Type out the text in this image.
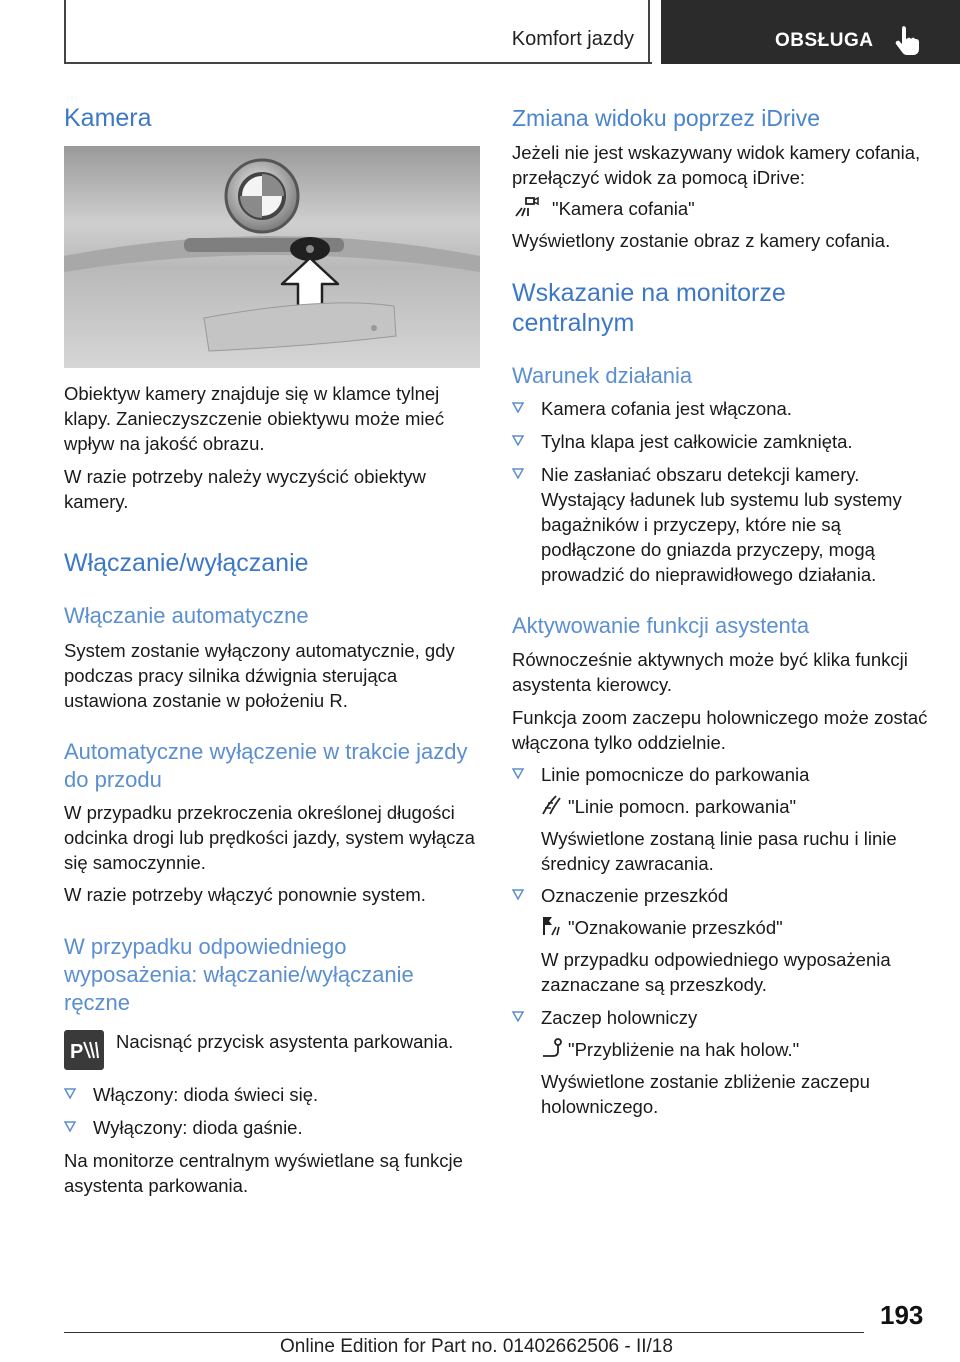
Komfort jazdy	OBSŁUGA
Kamera
Obiektyw kamery znajduje się w klamce tylnej klapy. Zanieczyszczenie obiektywu może mieć wpływ na jakość obrazu.
W razie potrzeby należy wyczyścić obiektyw kamery.
Włączanie/wyłączanie
Włączanie automatyczne
System zostanie wyłączony automatycznie, gdy podczas pracy silnika dźwignia sterująca ustawiona zostanie w położeniu R.
Automatyczne wyłączenie w trakcie jazdy do przodu
W przypadku przekroczenia określonej długości odcinka drogi lub prędkości jazdy, system wyłącza się samoczynnie.
W razie potrzeby włączyć ponownie system.
W przypadku odpowiedniego wyposażenia: włączanie/wyłączanie ręczne
P Nacisnąć przycisk asystenta parkowania.
Włączony: dioda świeci się.
Wyłączony: dioda gaśnie.
Na monitorze centralnym wyświetlane są funkcje asystenta parkowania.
Zmiana widoku poprzez iDrive
Jeżeli nie jest wskazywany widok kamery cofania, przełączyć widok za pomocą iDrive:
"Kamera cofania"
Wyświetlony zostanie obraz z kamery cofania.
Wskazanie na monitorze centralnym
Warunek działania
Kamera cofania jest włączona.
Tylna klapa jest całkowicie zamknięta.
Nie zasłaniać obszaru detekcji kamery. Wystający ładunek lub systemu lub systemy bagażników i przyczepy, które nie są podłączone do gniazda przyczepy, mogą prowadzić do nieprawidłowego działania.
Aktywowanie funkcji asystenta
Równocześnie aktywnych może być klika funkcji asystenta kierowcy.
Funkcja zoom zaczepu holowniczego może zostać włączona tylko oddzielnie.
Linie pomocnicze do parkowania
"Linie pomocn. parkowania"
Wyświetlone zostaną linie pasa ruchu i linie średnicy zawracania.
Oznaczenie przeszkód
"Oznakowanie przeszkód"
W przypadku odpowiedniego wyposażenia zaznaczane są przeszkody.
Zaczep holowniczy
"Przybliżenie na hak holow."
Wyświetlone zostanie zbliżenie zaczepu holowniczego.
193
Online Edition for Part no. 01402662506 - II/18
